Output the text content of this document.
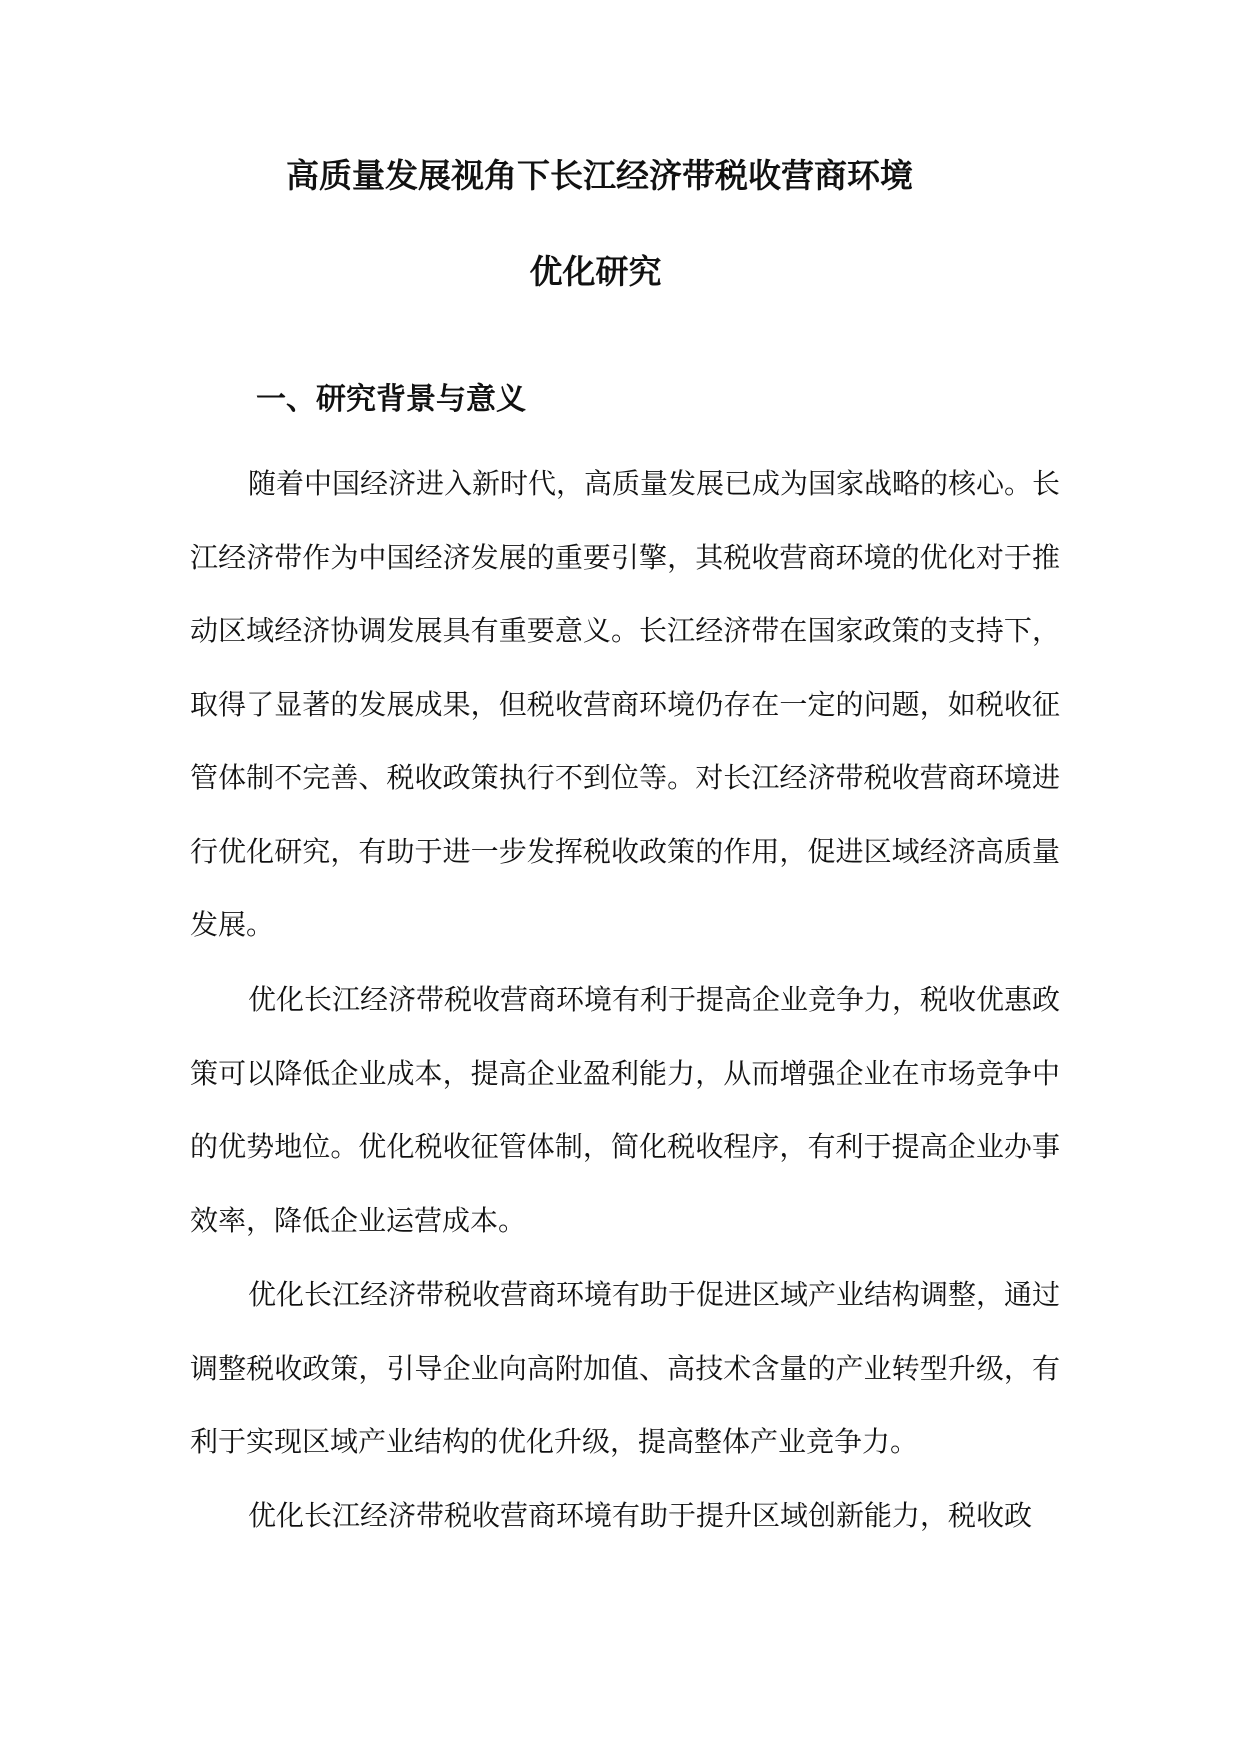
高质量发展视角下长江经济带税收营商环境
优化研究
一、研究背景与意义

随着中国经济进入新时代，高质量发展已成为国家战略的核心。长江经济带作为中国经济发展的重要引擎，其税收营商环境的优化对于推动区域经济协调发展具有重要意义。长江经济带在国家政策的支持下，取得了显著的发展成果，但税收营商环境仍存在一定的问题，如税收征管体制不完善、税收政策执行不到位等。对长江经济带税收营商环境进行优化研究，有助于进一步发挥税收政策的作用，促进区域经济高质量发展。

优化长江经济带税收营商环境有利于提高企业竞争力，税收优惠政策可以降低企业成本，提高企业盈利能力，从而增强企业在市场竞争中的优势地位。优化税收征管体制，简化税收程序，有利于提高企业办事效率，降低企业运营成本。

优化长江经济带税收营商环境有助于促进区域产业结构调整，通过调整税收政策，引导企业向高附加值、高技术含量的产业转型升级，有利于实现区域产业结构的优化升级，提高整体产业竞争力。

优化长江经济带税收营商环境有助于提升区域创新能力，税收政
